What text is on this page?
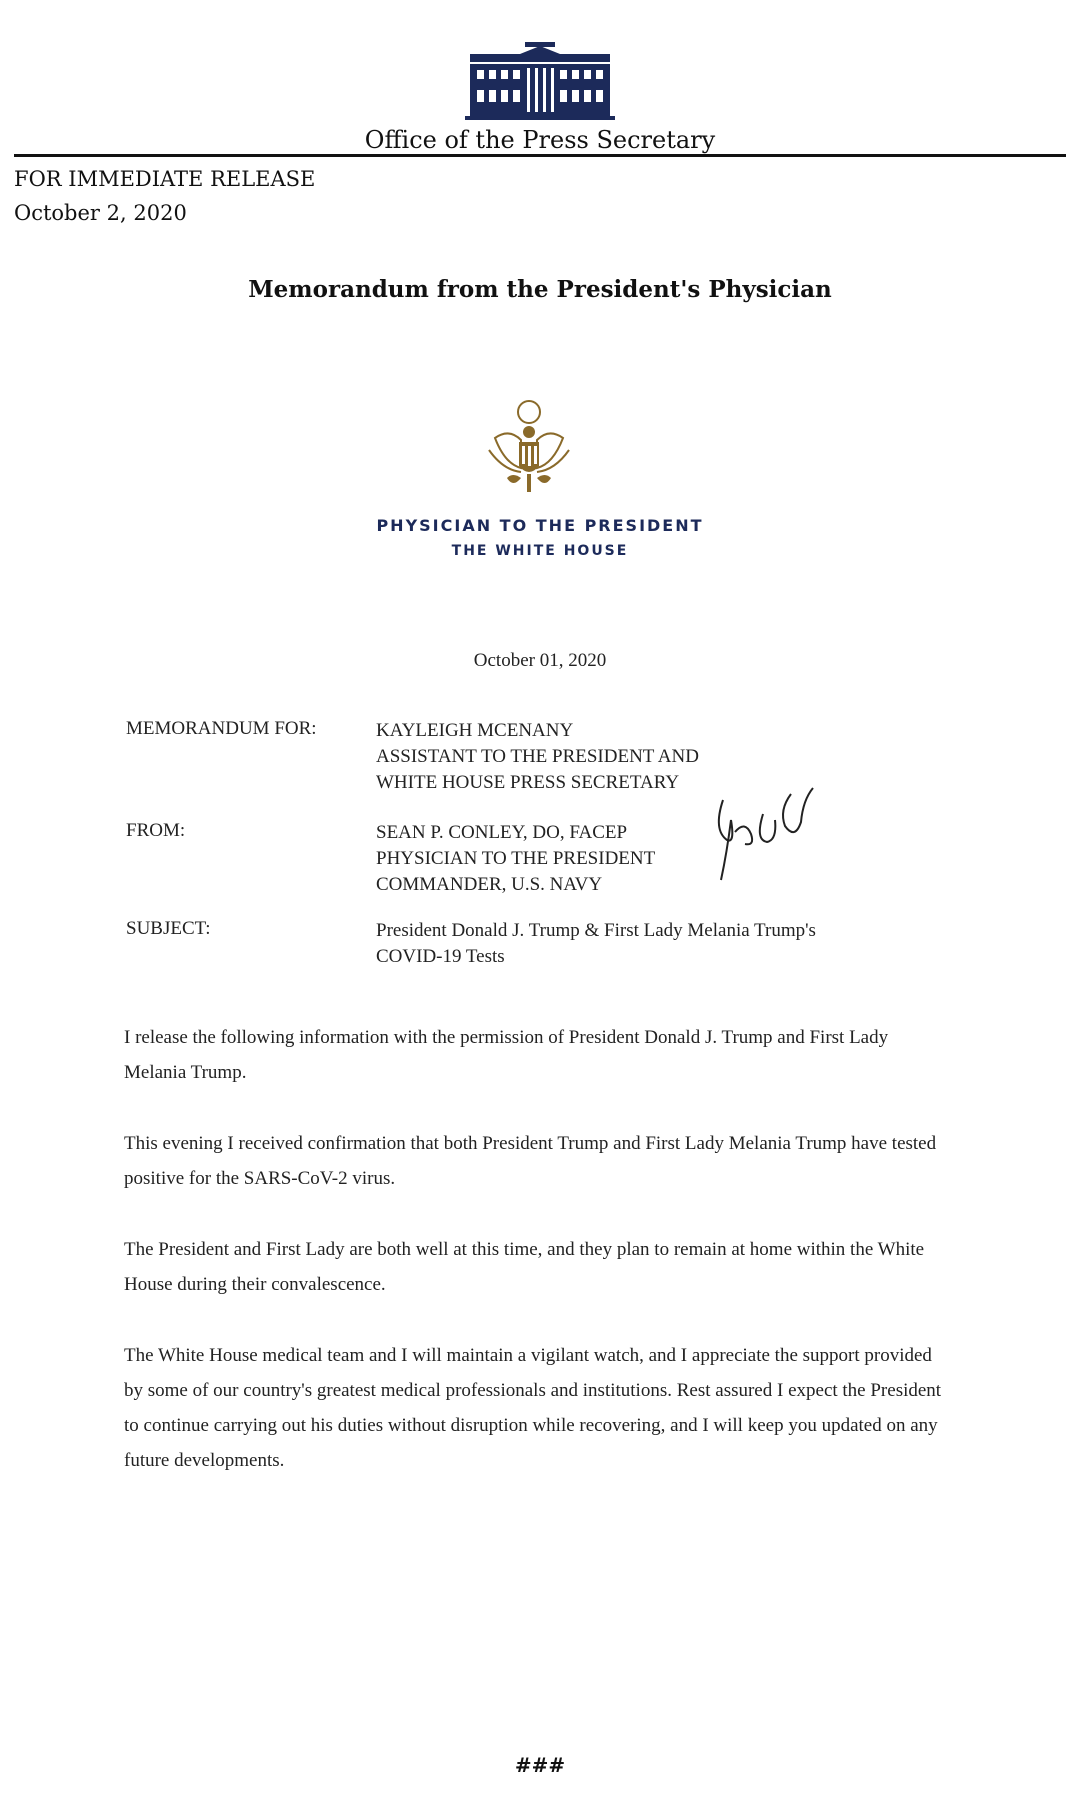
Office of the Press Secretary
FOR IMMEDIATE RELEASE
October 2, 2020
Memorandum from the President's Physician
PHYSICIAN TO THE PRESIDENT
THE WHITE HOUSE
October 01, 2020
MEMORANDUM FOR:	KAYLEIGH MCENANY
ASSISTANT TO THE PRESIDENT AND
WHITE HOUSE PRESS SECRETARY
FROM:	SEAN P. CONLEY, DO, FACEP
PHYSICIAN TO THE PRESIDENT
COMMANDER, U.S. NAVY
SUBJECT:	President Donald J. Trump & First Lady Melania Trump's
COVID-19 Tests
I release the following information with the permission of President Donald J. Trump and First Lady Melania Trump.
This evening I received confirmation that both President Trump and First Lady Melania Trump have tested positive for the SARS-CoV-2 virus.
The President and First Lady are both well at this time, and they plan to remain at home within the White House during their convalescence.
The White House medical team and I will maintain a vigilant watch, and I appreciate the support provided by some of our country's greatest medical professionals and institutions. Rest assured I expect the President to continue carrying out his duties without disruption while recovering, and I will keep you updated on any future developments.
###
